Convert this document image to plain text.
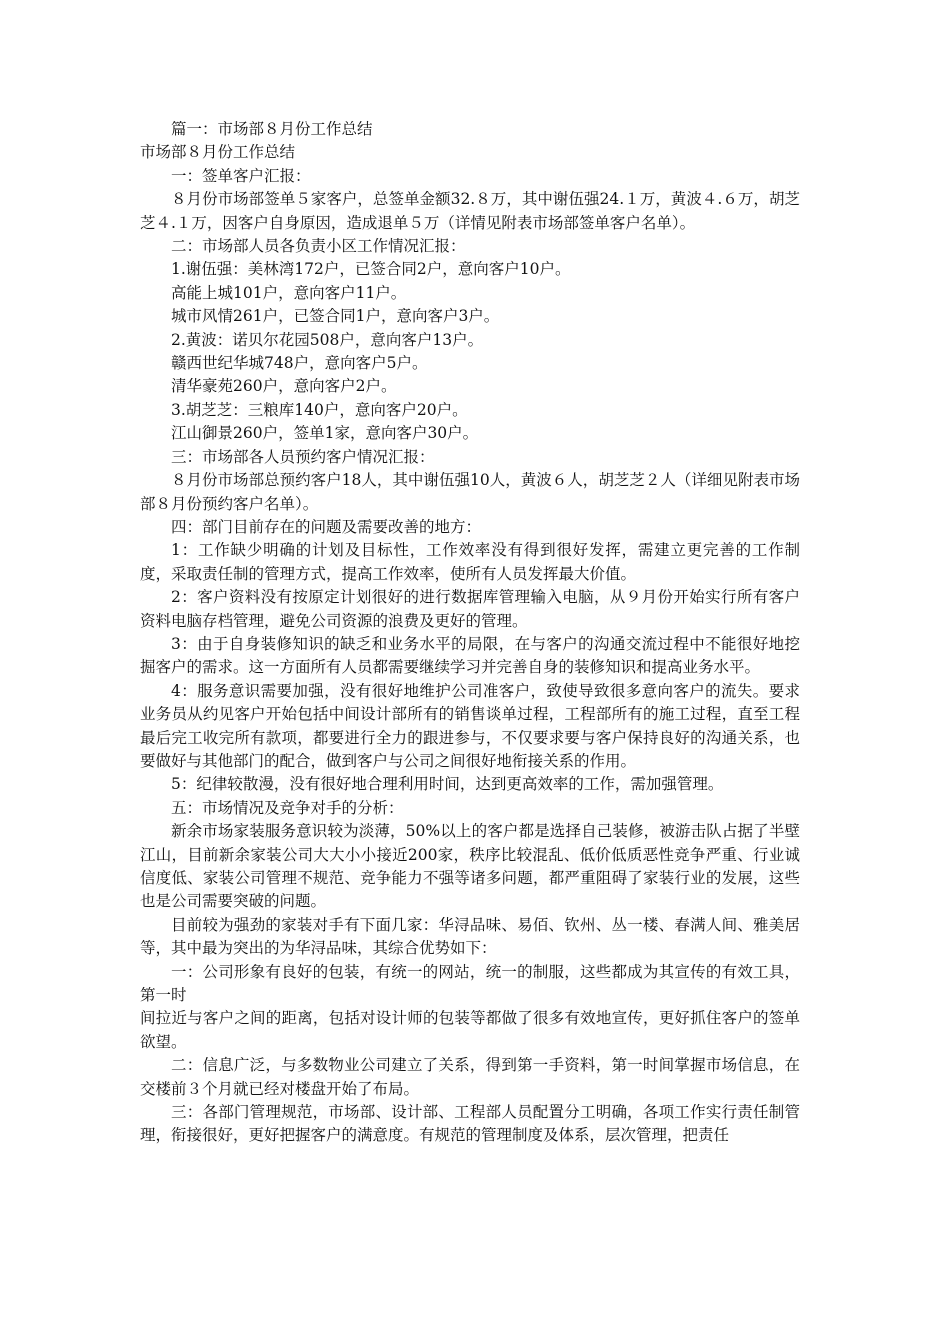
篇一：市场部８月份工作总结

市场部８月份工作总结

一：签单客户汇报：

８月份市场部签单５家客户，总签单金额32.８万，其中谢伍强24.１万，黄波４.６万，胡芝芝４.１万，因客户自身原因，造成退单５万（详情见附表市场部签单客户名单）。

二：市场部人员各负责小区工作情况汇报：

1.谢伍强：美林湾172户，已签合同2户，意向客户10户。

高能上城101户，意向客户11户。

城市风情261户，已签合同1户，意向客户3户。

2.黄波：诺贝尔花园508户，意向客户13户。

赣西世纪华城748户，意向客户5户。

清华豪苑260户，意向客户2户。

3.胡芝芝：三粮库140户，意向客户20户。

江山御景260户，签单1家，意向客户30户。

三：市场部各人员预约客户情况汇报：

８月份市场部总预约客户18人，其中谢伍强10人，黄波６人，胡芝芝２人（详细见附表市场部８月份预约客户名单）。

四：部门目前存在的问题及需要改善的地方：

1：工作缺少明确的计划及目标性，工作效率没有得到很好发挥，需建立更完善的工作制度，采取责任制的管理方式，提高工作效率，使所有人员发挥最大价值。

2：客户资料没有按原定计划很好的进行数据库管理输入电脑，从９月份开始实行所有客户资料电脑存档管理，避免公司资源的浪费及更好的管理。

3：由于自身装修知识的缺乏和业务水平的局限，在与客户的沟通交流过程中不能很好地挖掘客户的需求。这一方面所有人员都需要继续学习并完善自身的装修知识和提高业务水平。

4：服务意识需要加强，没有很好地维护公司准客户，致使导致很多意向客户的流失。要求业务员从约见客户开始包括中间设计部所有的销售谈单过程，工程部所有的施工过程，直至工程最后完工收完所有款项，都要进行全力的跟进参与，不仅要求要与客户保持良好的沟通关系，也要做好与其他部门的配合，做到客户与公司之间很好地衔接关系的作用。

5：纪律较散漫，没有很好地合理利用时间，达到更高效率的工作，需加强管理。

五：市场情况及竞争对手的分析：

新余市场家装服务意识较为淡薄，50%以上的客户都是选择自己装修，被游击队占据了半壁江山，目前新余家装公司大大小小接近200家，秩序比较混乱、低价低质恶性竞争严重、行业诚信度低、家装公司管理不规范、竞争能力不强等诸多问题，都严重阻碍了家装行业的发展，这些也是公司需要突破的问题。

目前较为强劲的家装对手有下面几家：华浔品味、易佰、钦州、丛一楼、春满人间、雅美居等，其中最为突出的为华浔品味，其综合优势如下：

一：公司形象有良好的包装，有统一的网站，统一的制服，这些都成为其宣传的有效工具，第一时

间拉近与客户之间的距离，包括对设计师的包装等都做了很多有效地宣传，更好抓住客户的签单欲望。

二：信息广泛，与多数物业公司建立了关系，得到第一手资料，第一时间掌握市场信息，在交楼前３个月就已经对楼盘开始了布局。

三：各部门管理规范，市场部、设计部、工程部人员配置分工明确，各项工作实行责任制管理，衔接很好，更好把握客户的满意度。有规范的管理制度及体系，层次管理，把责任
